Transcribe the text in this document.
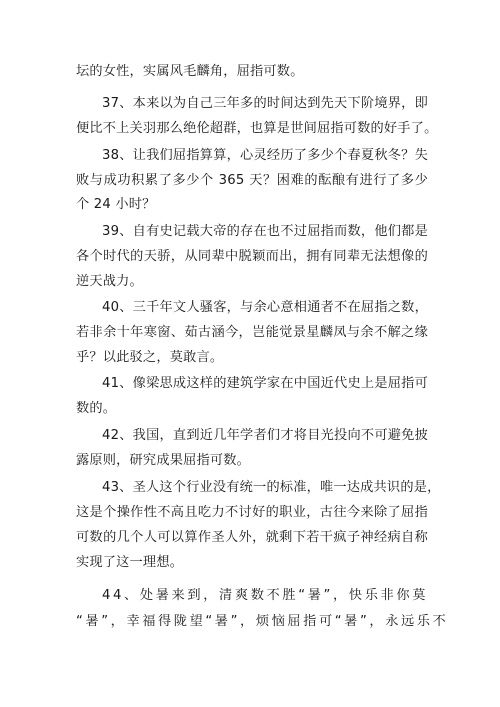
坛的女性，实属风毛麟角，屈指可数。
37、本来以为自己三年多的时间达到先天下阶境界，即
便比不上关羽那么绝伦超群，也算是世间屈指可数的好手了。
38、让我们屈指算算，心灵经历了多少个春夏秋冬？失
败与成功积累了多少个 365 天？困难的酝酿有进行了多少
个 24 小时？
39、自有史记载大帝的存在也不过屈指而数，他们都是
各个时代的天骄，从同辈中脱颖而出，拥有同辈无法想像的
逆天战力。
40、三千年文人骚客，与余心意相通者不在屈指之数，
若非余十年寒窗、茹古涵今，岂能觉景星麟凤与余不解之缘
乎？以此驳之，莫敢言。
41、像梁思成这样的建筑学家在中国近代史上是屈指可
数的。
42、我国，直到近几年学者们才将目光投向不可避免披
露原则，研究成果屈指可数。
43、圣人这个行业没有统一的标准，唯一达成共识的是，
这是个操作性不高且吃力不讨好的职业，古往今来除了屈指
可数的几个人可以算作圣人外，就剩下若干疯子神经病自称
实现了这一理想。
44、处暑来到，清爽数不胜“暑”，快乐非你莫
“暑”，幸福得陇望“暑”，烦恼屈指可“暑”，永远乐不
